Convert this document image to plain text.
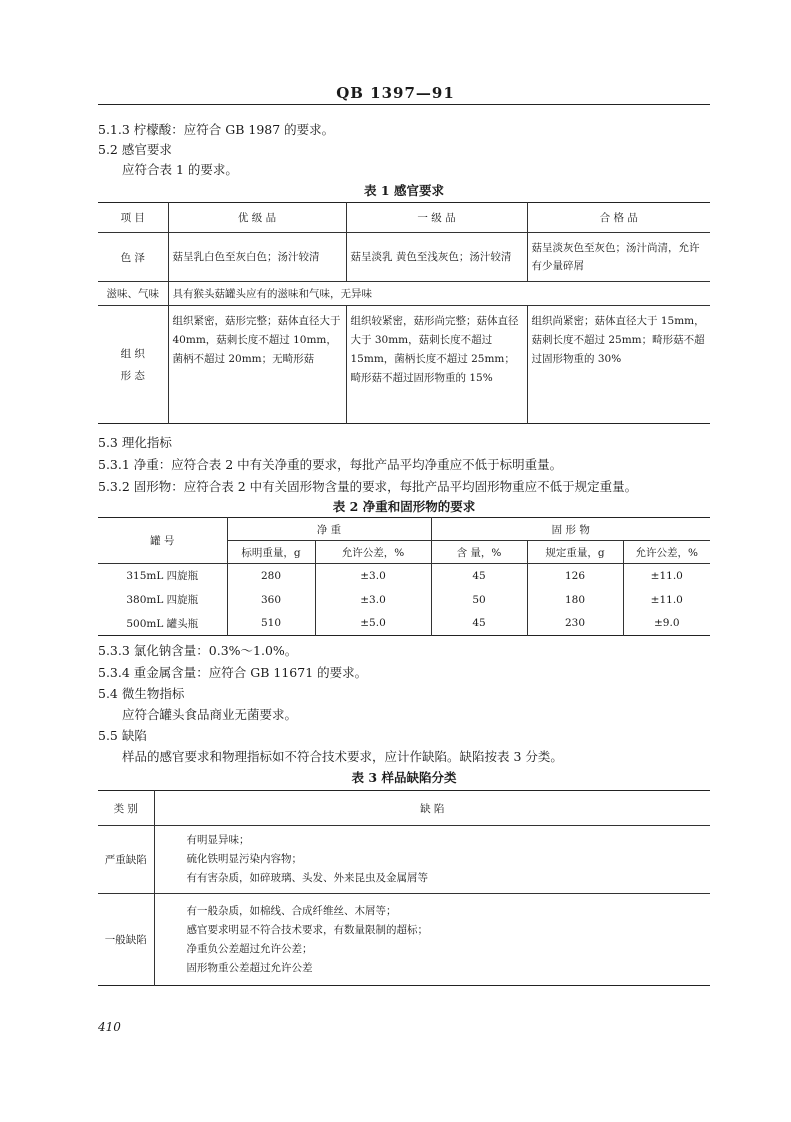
QB 1397—91
5.1.3 柠檬酸：应符合 GB 1987 的要求。
5.2 感官要求
应符合表 1 的要求。
表 1 感官要求
项 目	优 级 品	一 级 品	合 格 品
色 泽	菇呈乳白色至灰白色；汤汁较清	菇呈淡乳 黄色至浅灰色；汤汁较清	菇呈淡灰色至灰色；汤汁尚清，允许有少量碎屑
滋味、气味	具有猴头菇罐头应有的滋味和气味，无异味		

组 织
形 态	组织紧密，菇形完整；菇体直径大于 40mm，菇刺长度不超过 10mm，菌柄不超过 20mm；无畸形菇	组织较紧密，菇形尚完整；菇体直径大于 30mm，菇刺长度不超过 15mm，菌柄长度不超过 25mm；畸形菇不超过固形物重的 15%	组织尚紧密；菇体直径大于 15mm，菇刺长度不超过 25mm；畸形菇不超过固形物重的 30%
5.3 理化指标
5.3.1 净重：应符合表 2 中有关净重的要求，每批产品平均净重应不低于标明重量。
5.3.2 固形物：应符合表 2 中有关固形物含量的要求，每批产品平均固形物重应不低于规定重量。
表 2 净重和固形物的要求
罐 号	净 重		固 形 物		
	标明重量，g	允许公差，%	含 量，%	规定重量，g	允许公差，%
315mL 四旋瓶	280	±3.0	45	126	±11.0
380mL 四旋瓶	360	±3.0	50	180	±11.0
500mL 罐头瓶	510	±5.0	45	230	±9.0
5.3.3 氯化钠含量：0.3%～1.0%。
5.3.4 重金属含量：应符合 GB 11671 的要求。
5.4 微生物指标
应符合罐头食品商业无菌要求。
5.5 缺陷
样品的感官要求和物理指标如不符合技术要求，应计作缺陷。缺陷按表 3 分类。
表 3 样品缺陷分类
类 别	缺 陷
严重缺陷	有明显异味；
硫化铁明显污染内容物；
有有害杂质，如碎玻璃、头发、外来昆虫及金属屑等

一般缺陷	有一般杂质，如棉线、合成纤维丝、木屑等；
感官要求明显不符合技术要求，有数量限制的超标；
净重负公差超过允许公差；
固形物重公差超过允许公差
410
